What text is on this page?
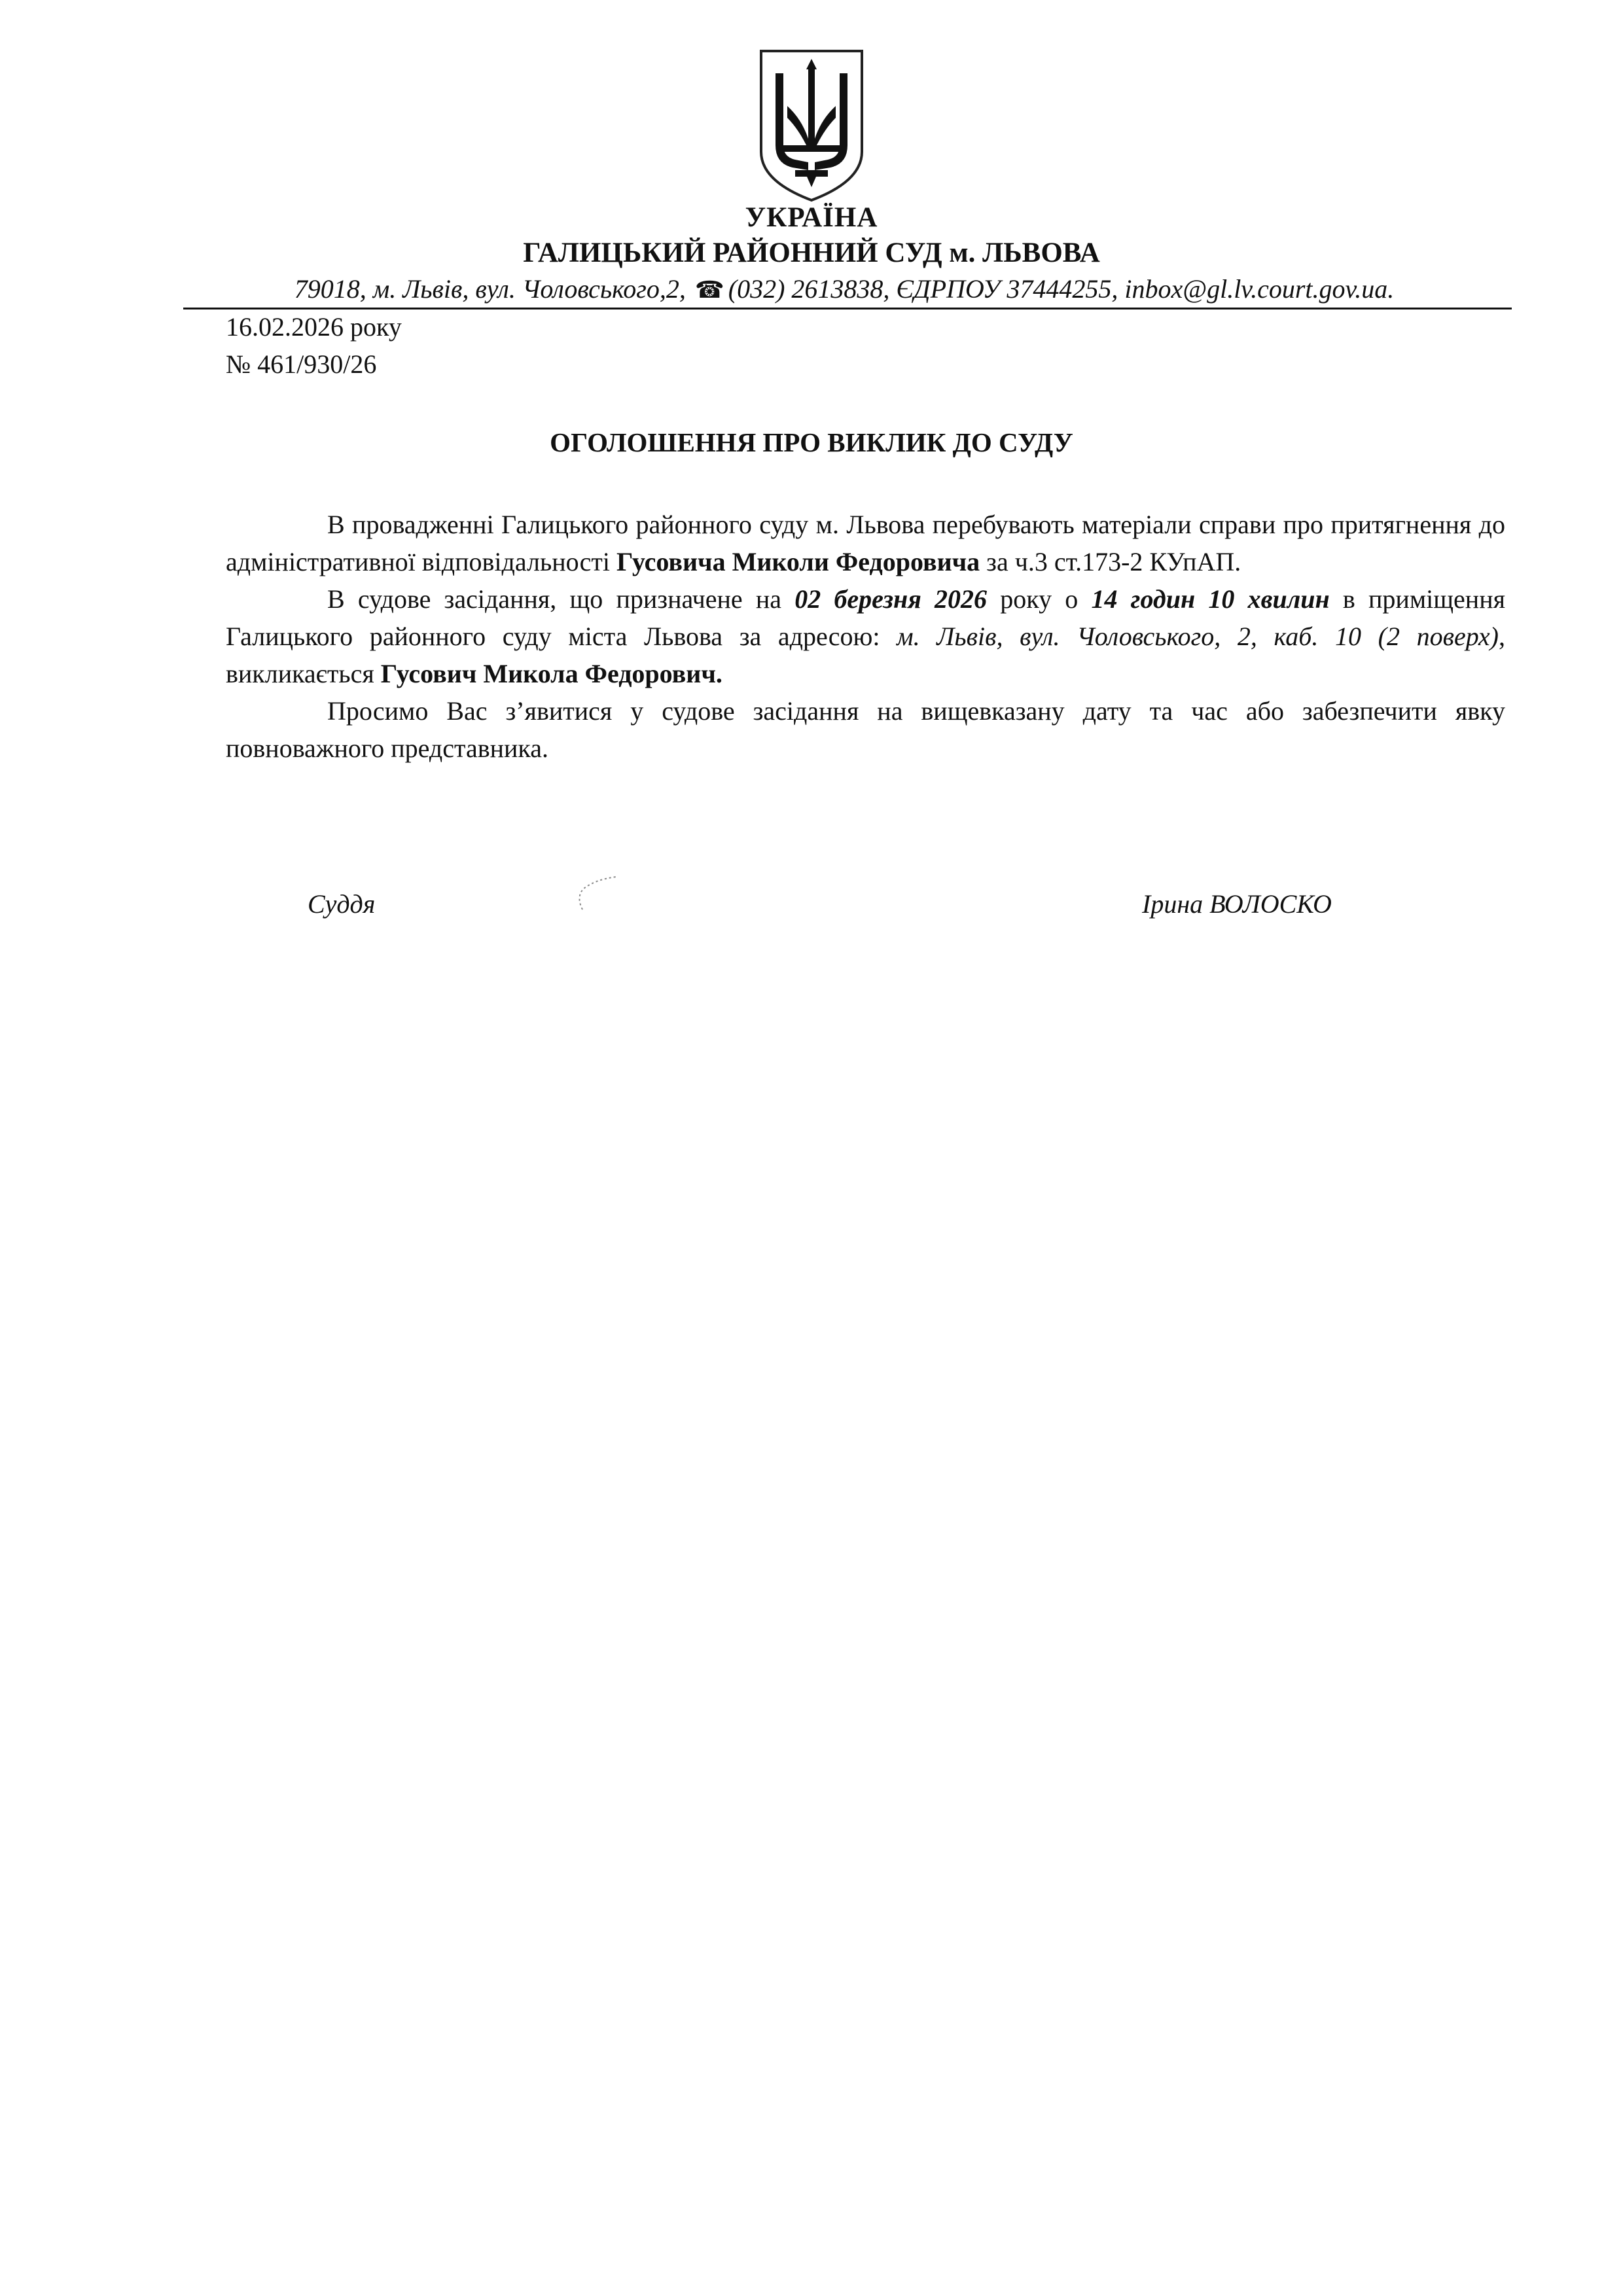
УКРАЇНА
ГАЛИЦЬКИЙ РАЙОННИЙ СУД м. ЛЬВОВА
79018, м. Львів, вул. Чоловського,2, ☎ (032) 2613838, ЄДРПОУ 37444255, inbox@gl.lv.court.gov.ua.
16.02.2026 року
№ 461/930/26
ОГОЛОШЕННЯ ПРО ВИКЛИК ДО СУДУ

В провадженні Галицького районного суду м. Львова перебувають матеріали справи про притягнення до адміністративної відповідальності Гусовича Миколи Федоровича за ч.3 ст.173-2 КУпАП.

В судове засідання, що призначене на 02 березня 2026 року о 14 годин 10 хвилин в приміщення Галицького районного суду міста Львова за адресою: м. Львів, вул. Чоловського, 2, каб. 10 (2 поверх), викликається Гусович Микола Федорович.

Просимо Вас з’явитися у судове засідання на вищевказану дату та час або забезпечити явку повноважного представника.

Суддя	Ірина ВОЛОСКО
